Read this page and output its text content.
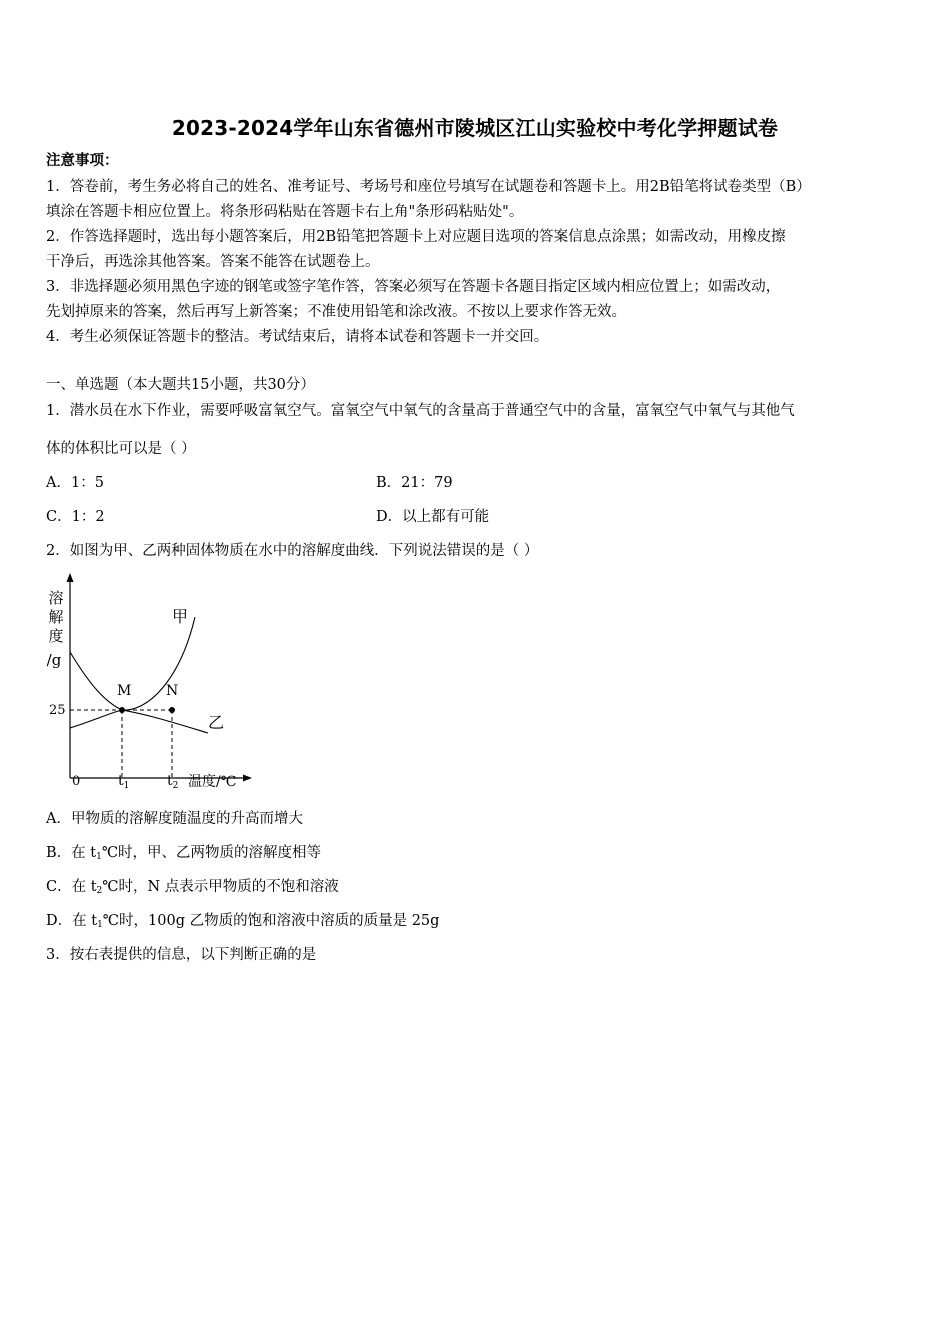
2023-2024学年山东省德州市陵城区江山实验校中考化学押题试卷
注意事项：
1．答卷前，考生务必将自己的姓名、准考证号、考场号和座位号填写在试题卷和答题卡上。用2B铅笔将试卷类型（B）
填涂在答题卡相应位置上。将条形码粘贴在答题卡右上角"条形码粘贴处"。
2．作答选择题时，选出每小题答案后，用2B铅笔把答题卡上对应题目选项的答案信息点涂黑；如需改动，用橡皮擦
干净后，再选涂其他答案。答案不能答在试题卷上。
3．非选择题必须用黑色字迹的钢笔或签字笔作答，答案必须写在答题卡各题目指定区域内相应位置上；如需改动，
先划掉原来的答案，然后再写上新答案；不准使用铅笔和涂改液。不按以上要求作答无效。
4．考生必须保证答题卡的整洁。考试结束后，请将本试卷和答题卡一并交回。
一、单选题（本大题共15小题，共30分）
1．潜水员在水下作业，需要呼吸富氧空气。富氧空气中氧气的含量高于普通空气中的含量，富氧空气中氧气与其他气
体的体积比可以是（ ）
A．1：5	B．21：79
C．1：2	D．以上都有可能
2．如图为甲、乙两种固体物质在水中的溶解度曲线．下列说法错误的是（ ）
溶
解
度
/g
甲
乙
M N
25
0	$t_1$	$t_2$ 温度/℃
A．甲物质的溶解度随温度的升高而增大
B．在 $t_1℃$时，甲、乙两物质的溶解度相等
C．在 $t_2℃$时，N 点表示甲物质的不饱和溶液
D．在 $t_1℃$时，100g 乙物质的饱和溶液中溶质的质量是 25g
3．按右表提供的信息，以下判断正确的是
